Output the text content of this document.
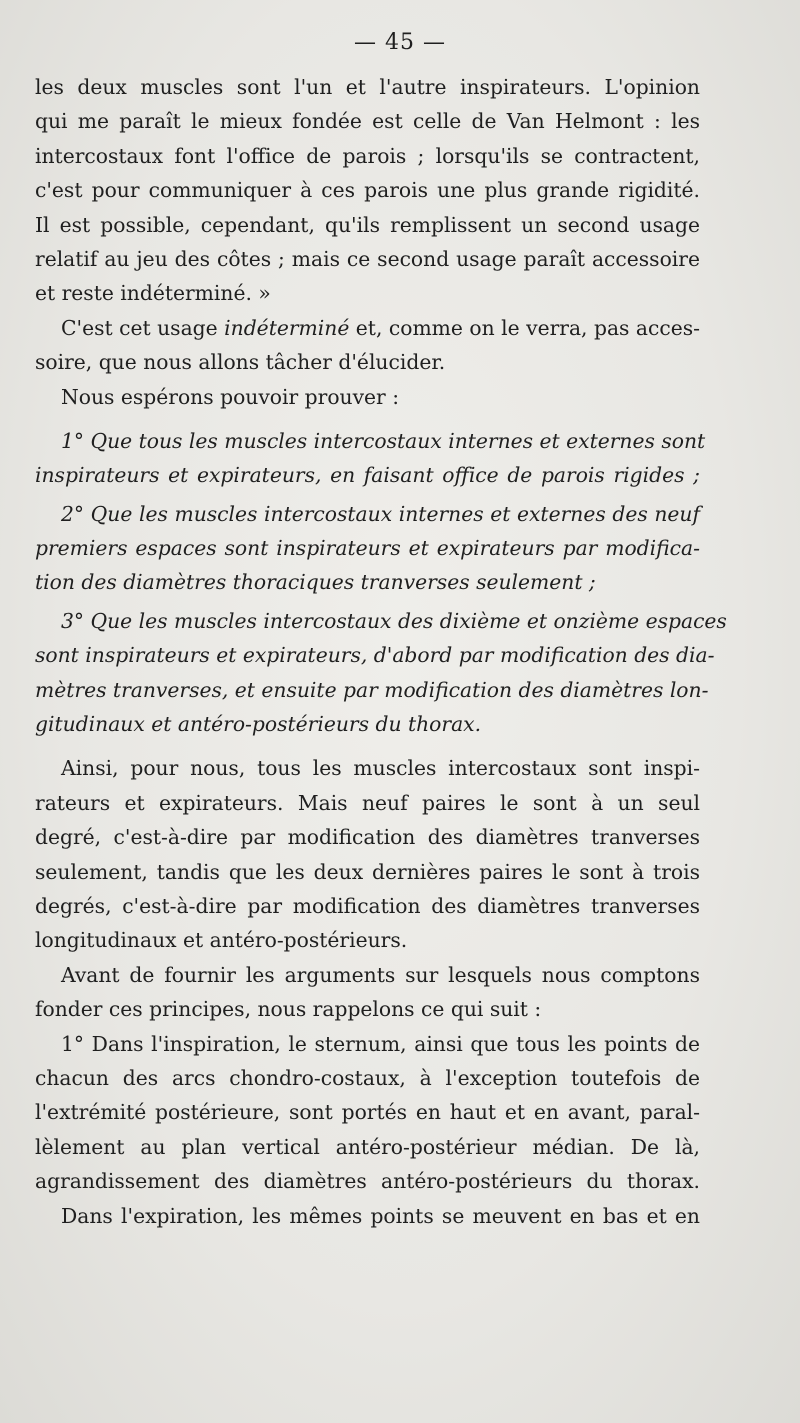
— 45 —
les deux muscles sont l'un et l'autre inspirateurs. L'opinion
qui me paraît le mieux fondée est celle de Van Helmont : les
intercostaux font l'office de parois ; lorsqu'ils se contractent,
c'est pour communiquer à ces parois une plus grande rigidité.
Il est possible, cependant, qu'ils remplissent un second usage
relatif au jeu des côtes ; mais ce second usage paraît accessoire
et reste indéterminé. »
C'est cet usage indéterminé et, comme on le verra, pas acces-
soire, que nous allons tâcher d'élucider.
Nous espérons pouvoir prouver :
1° Que tous les muscles intercostaux internes et externes sont
inspirateurs et expirateurs, en faisant office de parois rigides ;
2° Que les muscles intercostaux internes et externes des neuf
premiers espaces sont inspirateurs et expirateurs par modifica-
tion des diamètres thoraciques tranverses seulement ;
3° Que les muscles intercostaux des dixième et onzième espaces
sont inspirateurs et expirateurs, d'abord par modification des dia-
mètres tranverses, et ensuite par modification des diamètres lon-
gitudinaux et antéro-postérieurs du thorax.
Ainsi, pour nous, tous les muscles intercostaux sont inspi-
rateurs et expirateurs. Mais neuf paires le sont à un seul
degré, c'est-à-dire par modification des diamètres tranverses
seulement, tandis que les deux dernières paires le sont à trois
degrés, c'est-à-dire par modification des diamètres tranverses
longitudinaux et antéro-postérieurs.
Avant de fournir les arguments sur lesquels nous comptons
fonder ces principes, nous rappelons ce qui suit :
1° Dans l'inspiration, le sternum, ainsi que tous les points de
chacun des arcs chondro-costaux, à l'exception toutefois de
l'extrémité postérieure, sont portés en haut et en avant, paral-
lèlement au plan vertical antéro-postérieur médian. De là,
agrandissement des diamètres antéro-postérieurs du thorax.
Dans l'expiration, les mêmes points se meuvent en bas et en
